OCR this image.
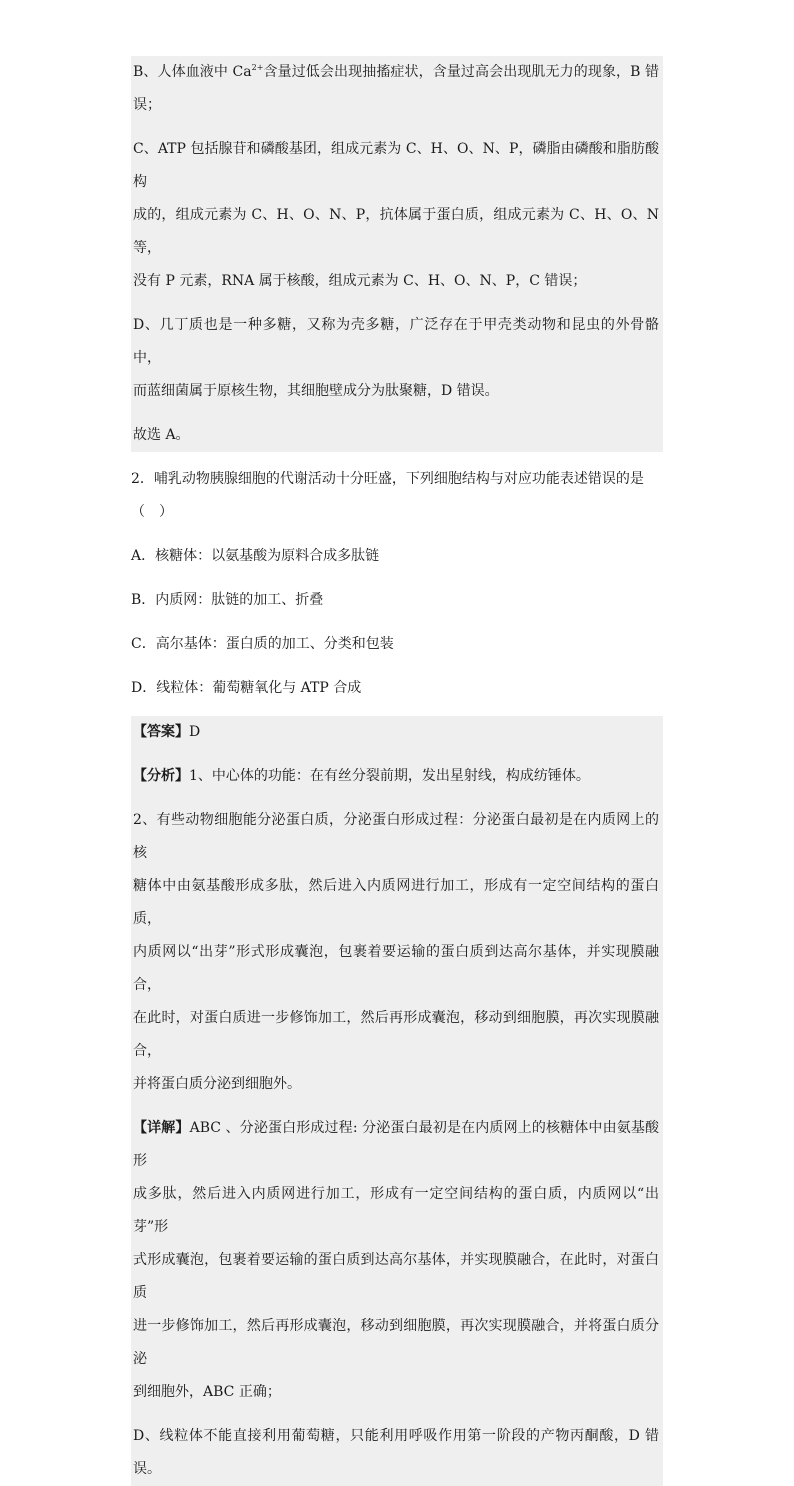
B、人体血液中 $Ca^{2+}$含量过低会出现抽搐症状，含量过高会出现肌无力的现象，B 错误；
C、ATP 包括腺苷和磷酸基团，组成元素为 C、H、O、N、P，磷脂由磷酸和脂肪酸构
成的，组成元素为 C、H、O、N、P，抗体属于蛋白质，组成元素为 C、H、O、N 等，
没有 P 元素，RNA 属于核酸，组成元素为 C、H、O、N、P，C 错误；
D、几丁质也是一种多糖，又称为壳多糖，广泛存在于甲壳类动物和昆虫的外骨骼中，
而蓝细菌属于原核生物，其细胞壁成分为肽聚糖，D 错误。
故选 A。
2．哺乳动物胰腺细胞的代谢活动十分旺盛，下列细胞结构与对应功能表述错误的是
（　）
A．核糖体：以氨基酸为原料合成多肽链
B．内质网：肽链的加工、折叠
C．高尔基体：蛋白质的加工、分类和包装
D．线粒体：葡萄糖氧化与 ATP 合成
【答案】D
【分析】1、中心体的功能：在有丝分裂前期，发出星射线，构成纺锤体。
2、有些动物细胞能分泌蛋白质，分泌蛋白形成过程：分泌蛋白最初是在内质网上的核
糖体中由氨基酸形成多肽，然后进入内质网进行加工，形成有一定空间结构的蛋白质，
内质网以“出芽”形式形成囊泡，包裹着要运输的蛋白质到达高尔基体，并实现膜融合，
在此时，对蛋白质进一步修饰加工，然后再形成囊泡，移动到细胞膜，再次实现膜融合，
并将蛋白质分泌到细胞外。
【详解】ABC 、分泌蛋白形成过程: 分泌蛋白最初是在内质网上的核糖体中由氨基酸形
成多肽，然后进入内质网进行加工，形成有一定空间结构的蛋白质，内质网以“出芽”形
式形成囊泡，包裹着要运输的蛋白质到达高尔基体，并实现膜融合，在此时，对蛋白质
进一步修饰加工，然后再形成囊泡，移动到细胞膜，再次实现膜融合，并将蛋白质分泌
到细胞外，ABC 正确；
D、线粒体不能直接利用葡萄糖，只能利用呼吸作用第一阶段的产物丙酮酸，D 错误。
